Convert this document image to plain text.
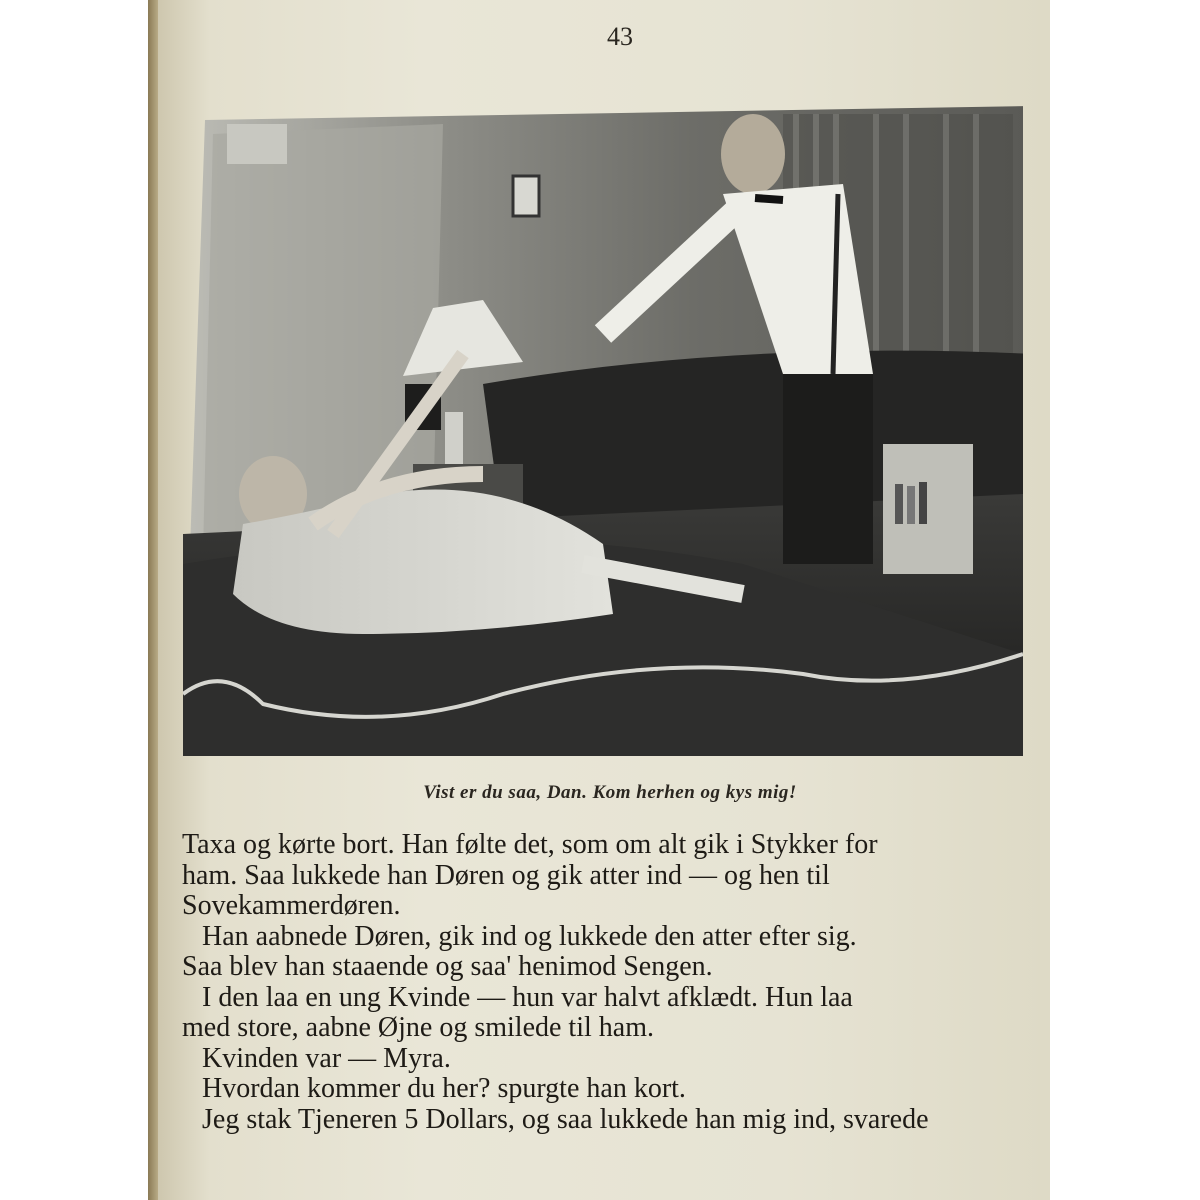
43
Vist er du saa, Dan. Kom herhen og kys mig!
Taxa og kørte bort. Han følte det, som om alt gik i Stykker for
ham. Saa lukkede han Døren og gik atter ind — og hen til
Sovekammerdøren.
Han aabnede Døren, gik ind og lukkede den atter efter sig.
Saa blev han staaende og saa' henimod Sengen.
I den laa en ung Kvinde — hun var halvt afklædt. Hun laa
med store, aabne Øjne og smilede til ham.
Kvinden var — Myra.
Hvordan kommer du her? spurgte han kort.
Jeg stak Tjeneren 5 Dollars, og saa lukkede han mig ind, svarede
